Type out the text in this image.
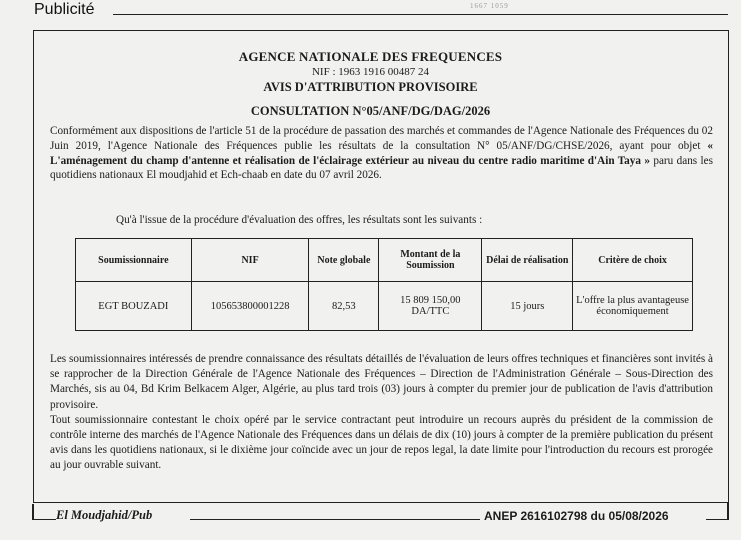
Publicité	1667 1059
AGENCE NATIONALE DES FREQUENCES
NIF : 1963 1916 00487 24
AVIS D'ATTRIBUTION PROVISOIRE
CONSULTATION N°05/ANF/DG/DAG/2026
Conformément aux dispositions de l'article 51 de la procédure de passation des marchés et commandes de l'Agence Nationale des Fréquences du 02 Juin 2019, l'Agence Nationale des Fréquences publie les résultats de la consultation N° 05/ANF/DG/CHSE/2026, ayant pour objet « L'aménagement du champ d'antenne et réalisation de l'éclairage extérieur au niveau du centre radio maritime d'Ain Taya » paru dans les quotidiens nationaux El moudjahid et Ech-chaab en date du 07 avril 2026.
Qu'à l'issue de la procédure d'évaluation des offres, les résultats sont les suivants :
Soumissionnaire	NIF	Note globale	Montant de la Soumission	Délai de réalisation	Critère de choix
EGT BOUZADI	105653800001228	82,53	15 809 150,00 DA/TTC	15 jours	L'offre la plus avantageuse économiquement

Les soumissionnaires intéressés de prendre connaissance des résultats détaillés de l'évaluation de leurs offres techniques et financières sont invités à se rapprocher de la Direction Générale de l'Agence Nationale des Fréquences – Direction de l'Administration Générale – Sous-Direction des Marchés, sis au 04, Bd Krim Belkacem Alger, Algérie, au plus tard trois (03) jours à compter du premier jour de publication de l'avis d'attribution provisoire.

Tout soumissionnaire contestant le choix opéré par le service contractant peut introduire un recours auprès du président de la commission de contrôle interne des marchés de l'Agence Nationale des Fréquences dans un délais de dix (10) jours à compter de la première publication du présent avis dans les quotidiens nationaux, si le dixième jour coïncide avec un jour de repos legal, la date limite pour l'introduction du recours est prorogée au jour ouvrable suivant.

El Moudjahid/Pub	ANEP 2616102798 du 05/08/2026
